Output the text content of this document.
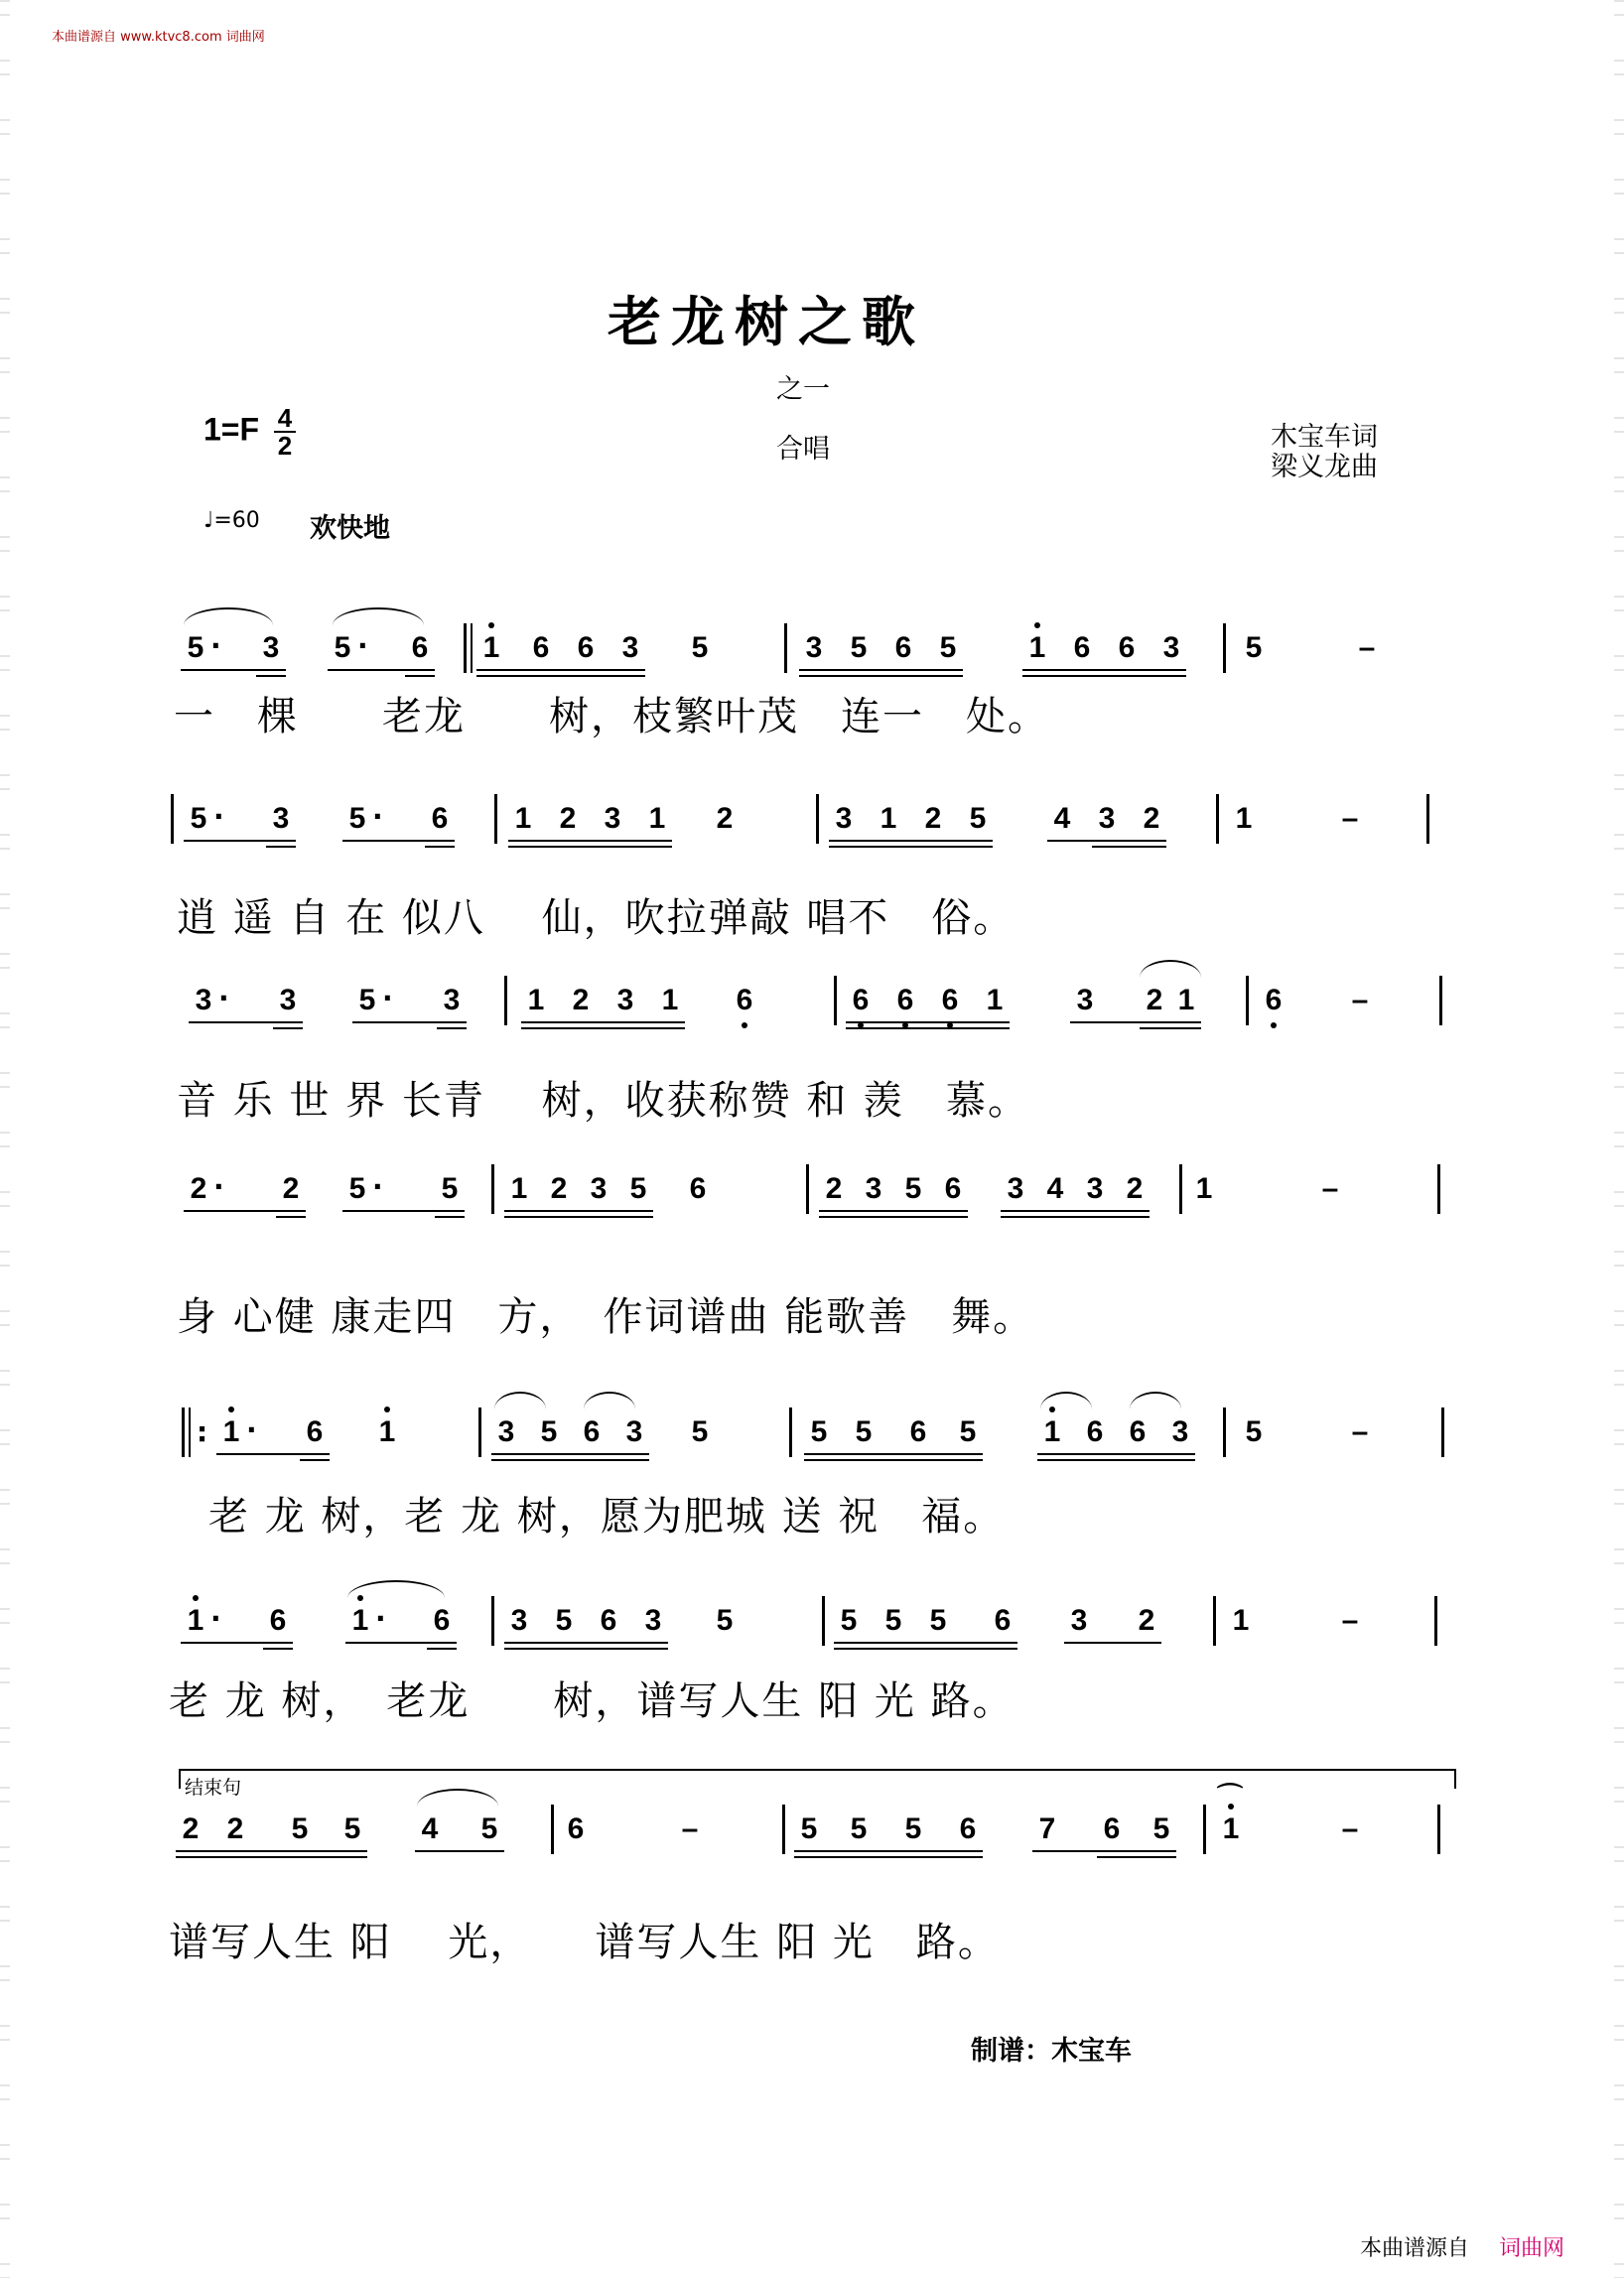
本曲谱源自 www.ktvc8.com 词曲网
老龙树之歌
之一
$1=F \frac{4}{2}$	合唱	木宝车词
梁义龙曲
♩=60 欢快地
5 · 3 5 · 6 1 6 6 3 5	3 5 6 5 1 6 6 3 5	–
一　棵　　老龙　　树，枝繁叶茂　连一　处。
5 · 3 5 · 6 1 2 3 1 2	3 1 2 5 4 3 2	1	–
逍 遥 自 在 似八　 仙，吹拉弹敲 唱不　俗。
3 · 3 5 · 3 1 2 3 1 6	6 6 6 1 3 2 1 6 –
音 乐 世 界 长青　 树，收获称赞 和 羡　慕。
2 · 2 5 · 5 1 2 3 5 6	2 3 5 6 3 4 3 2 1	–
身 心健 康走四　方，　作词谱曲 能歌善　舞。
: 1 · 6 1	3 5 6 3 5	5 5 6 5 1 6 6 3 5	–
老 龙 树，老 龙 树，愿为肥城 送 祝　福。
1 · 6 1 · 6 3 5 6 3 5	5 5 5 6 3 2	1	–
老 龙 树，　老龙　　树，谱写人生 阳 光 路。
结束句
2 2 5 5 4 5 6	–	5 5 5 6 7 6 5 1
⌒
–
谱写人生 阳　 光，　　谱写人生 阳 光　路。
制谱：木宝车
本曲谱源自 词曲网
